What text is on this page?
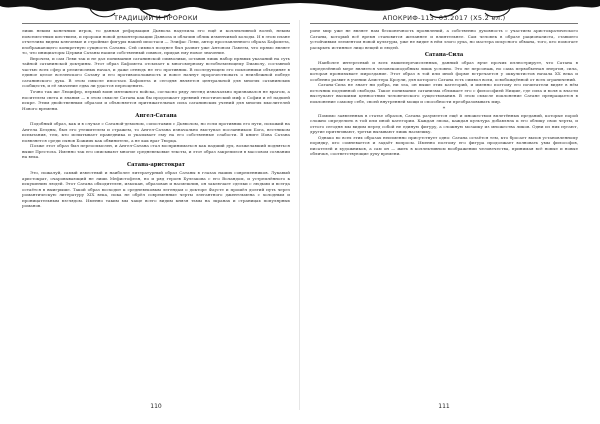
ТРАДИЦИИ И ПРОРОКИ

лишь неким конечным игрок, то данная реформация Дьявола наделила его ещё и коллективной волей, неким повсеместным шествием, и пророки новой демонтерохации Дьявола и облачив облик изменчивой колоды. И в этом плане отчетливо видны ключевые и стройные фигуры нашей ипостаси — Элифас Леви, автор прославленного образа Бафомета, изображающего конкретную сущность Сатаны. Сей символ позднее был развит уже Антоном Лавеем, что прямо являет то, что инициаторы Церкви Сатаны нашли собственный символ, придав ему новое значение.

Впрочем, и сам Леви так и не дал понимания сатанинской символики, оставив лишь набор прямых указаний на суть тайной сатанинской доктрины. Этот образ Бафомета отсылает к многомерному всеобъемлющему Dиаволу, составной частью всех сфер и религиозных начал, и даже отнюдь не его противник. В последующем его поклонники объединят в единое целое вселенского Сатану и его противоположность и вовсе начнут пророчествовать о неизбежной победе сатанинского духа. В этом смысле ипостась Бафомета и сегодня является центральной для многих сатанинских сообществ, и её значение едва ли удастся переоценить.

Точно так же Люцифер, первый воин мятежного войска, согласно ряду легенд изначально признавался не врагом, а носителем света и знания — в этом смысле Сатана как бы продолжает древний гностический миф о Софии и её падшей искре. Этим двойственным образом и объясняется притяжательная сила сатанинских учений для многих мыслителей Нового времени.

Ангел-Сатана

Подобный образ, как и в случае с Сатаной-демоном, сопоставим с Дьяволом, но если противник его пути, похожий на Ангела Бездны, был его утешителем и стражем, то Ангел-Сатана изначально выступал посланником Бога, вестником испытания, тем, кто испытывает праведника и указывает ему на его собственные слабости. В книге Иова Сатана появляется среди сынов Божиих как обвинитель, а не как враг Творца.

Позже этот образ был переосмыслен, и Ангел-Сатана стал восприниматься как падший дух, возжелавший подняться выше Престола. Именно так его описывают многие средневековые тексты, и этот образ закрепился в массовом сознании на века.

Сатана-аристократ

Это, пожалуй, самый известный и наиболее литературный образ Сатаны в глазах наших современников. Лукавый аристократ, очаровывающий не лишь Мефистофеля, но и ряд героев Булгакова с его Воландом, и устремлённого к искушению людей. Этот Сатана обходителен, изыскан, образован и насмешлив, он заключает сделки с людьми и всегда остаётся в выигрыше. Такой образ восходит к средневековым легендам о докторе Фаусте и прошёл долгий путь через романтическую литературу XIX века, пока не обрёл современные черты элегантного джентльмена с холодным и проницательным взглядом. Именно таким мы чаще всего видим князя тьмы на экранах и страницах популярных романов.

110
АПОКРИФ-113: 03.2017 (Х5.2 ел.)

роне мир уже не являет нам бесконечность проявлений, а собственно духовность с участием аристократического Сатаны, который всё время становится желаннее и влиятельнее. Сам человек в образе рационалиста, ставшего устойчивым элементом новой культуры, уже не видит в нём злого духа, но мастера искусного обмана, того, кто помогает раскрыть истинное лицо вещей и людей.

Сатана-Сила

Наиболее интересный и всех вышеперечисленных, данный образ ярче прочих иллюстрирует, что Сатана в определённой мере является человекоподобным лишь условно. Это не персонаж, но сама первобытная энергия, сила, которая пронизывает мироздание. Этот образ в той или иной форме встречается у оккультистов начала XX века и особенно развит в учении Алистера Кроули, для которого Сатана есть символ воли, освобождённой от всех ограничений.

Сатана-Сила не знает ни добра, ни зла, он выше этих категорий, и именно поэтому его почитатели видят в нём источник подлинной свободы. Такое понимание сатанизма сближает его с философией Ницше, где сила и воля к власти выступают высшими ценностями человеческого существования. В этом смысле поклонение Сатане превращается в поклонение самому себе, своей внутренней мощи и способности преобразовывать мир.

*

Помимо заявленных в статье образов, Сатана разумеется ещё и множеством вплетённых преданий, которые порой сложно определить в той или иной категории. Каждая эпоха, каждая культура добавляла к его облику свои черты, и оттого сегодня мы видим перед собой не единую фигуру, а сложную мозаику из множества ликов. Одни из них пугают, другие притягивают, третьи вызывают лишь насмешку.

Однако во всех этих образах неизменно присутствует одно: Сатана остаётся тем, кто бросает вызов установленному порядку, кто сомневается и задаёт вопросы. Именно поэтому его фигура продолжает волновать умы философов, писателей и художников, а сам он — жить в коллективном воображении человечества, принимая всё новые и новые обличья, соответствующие духу времени.

111
